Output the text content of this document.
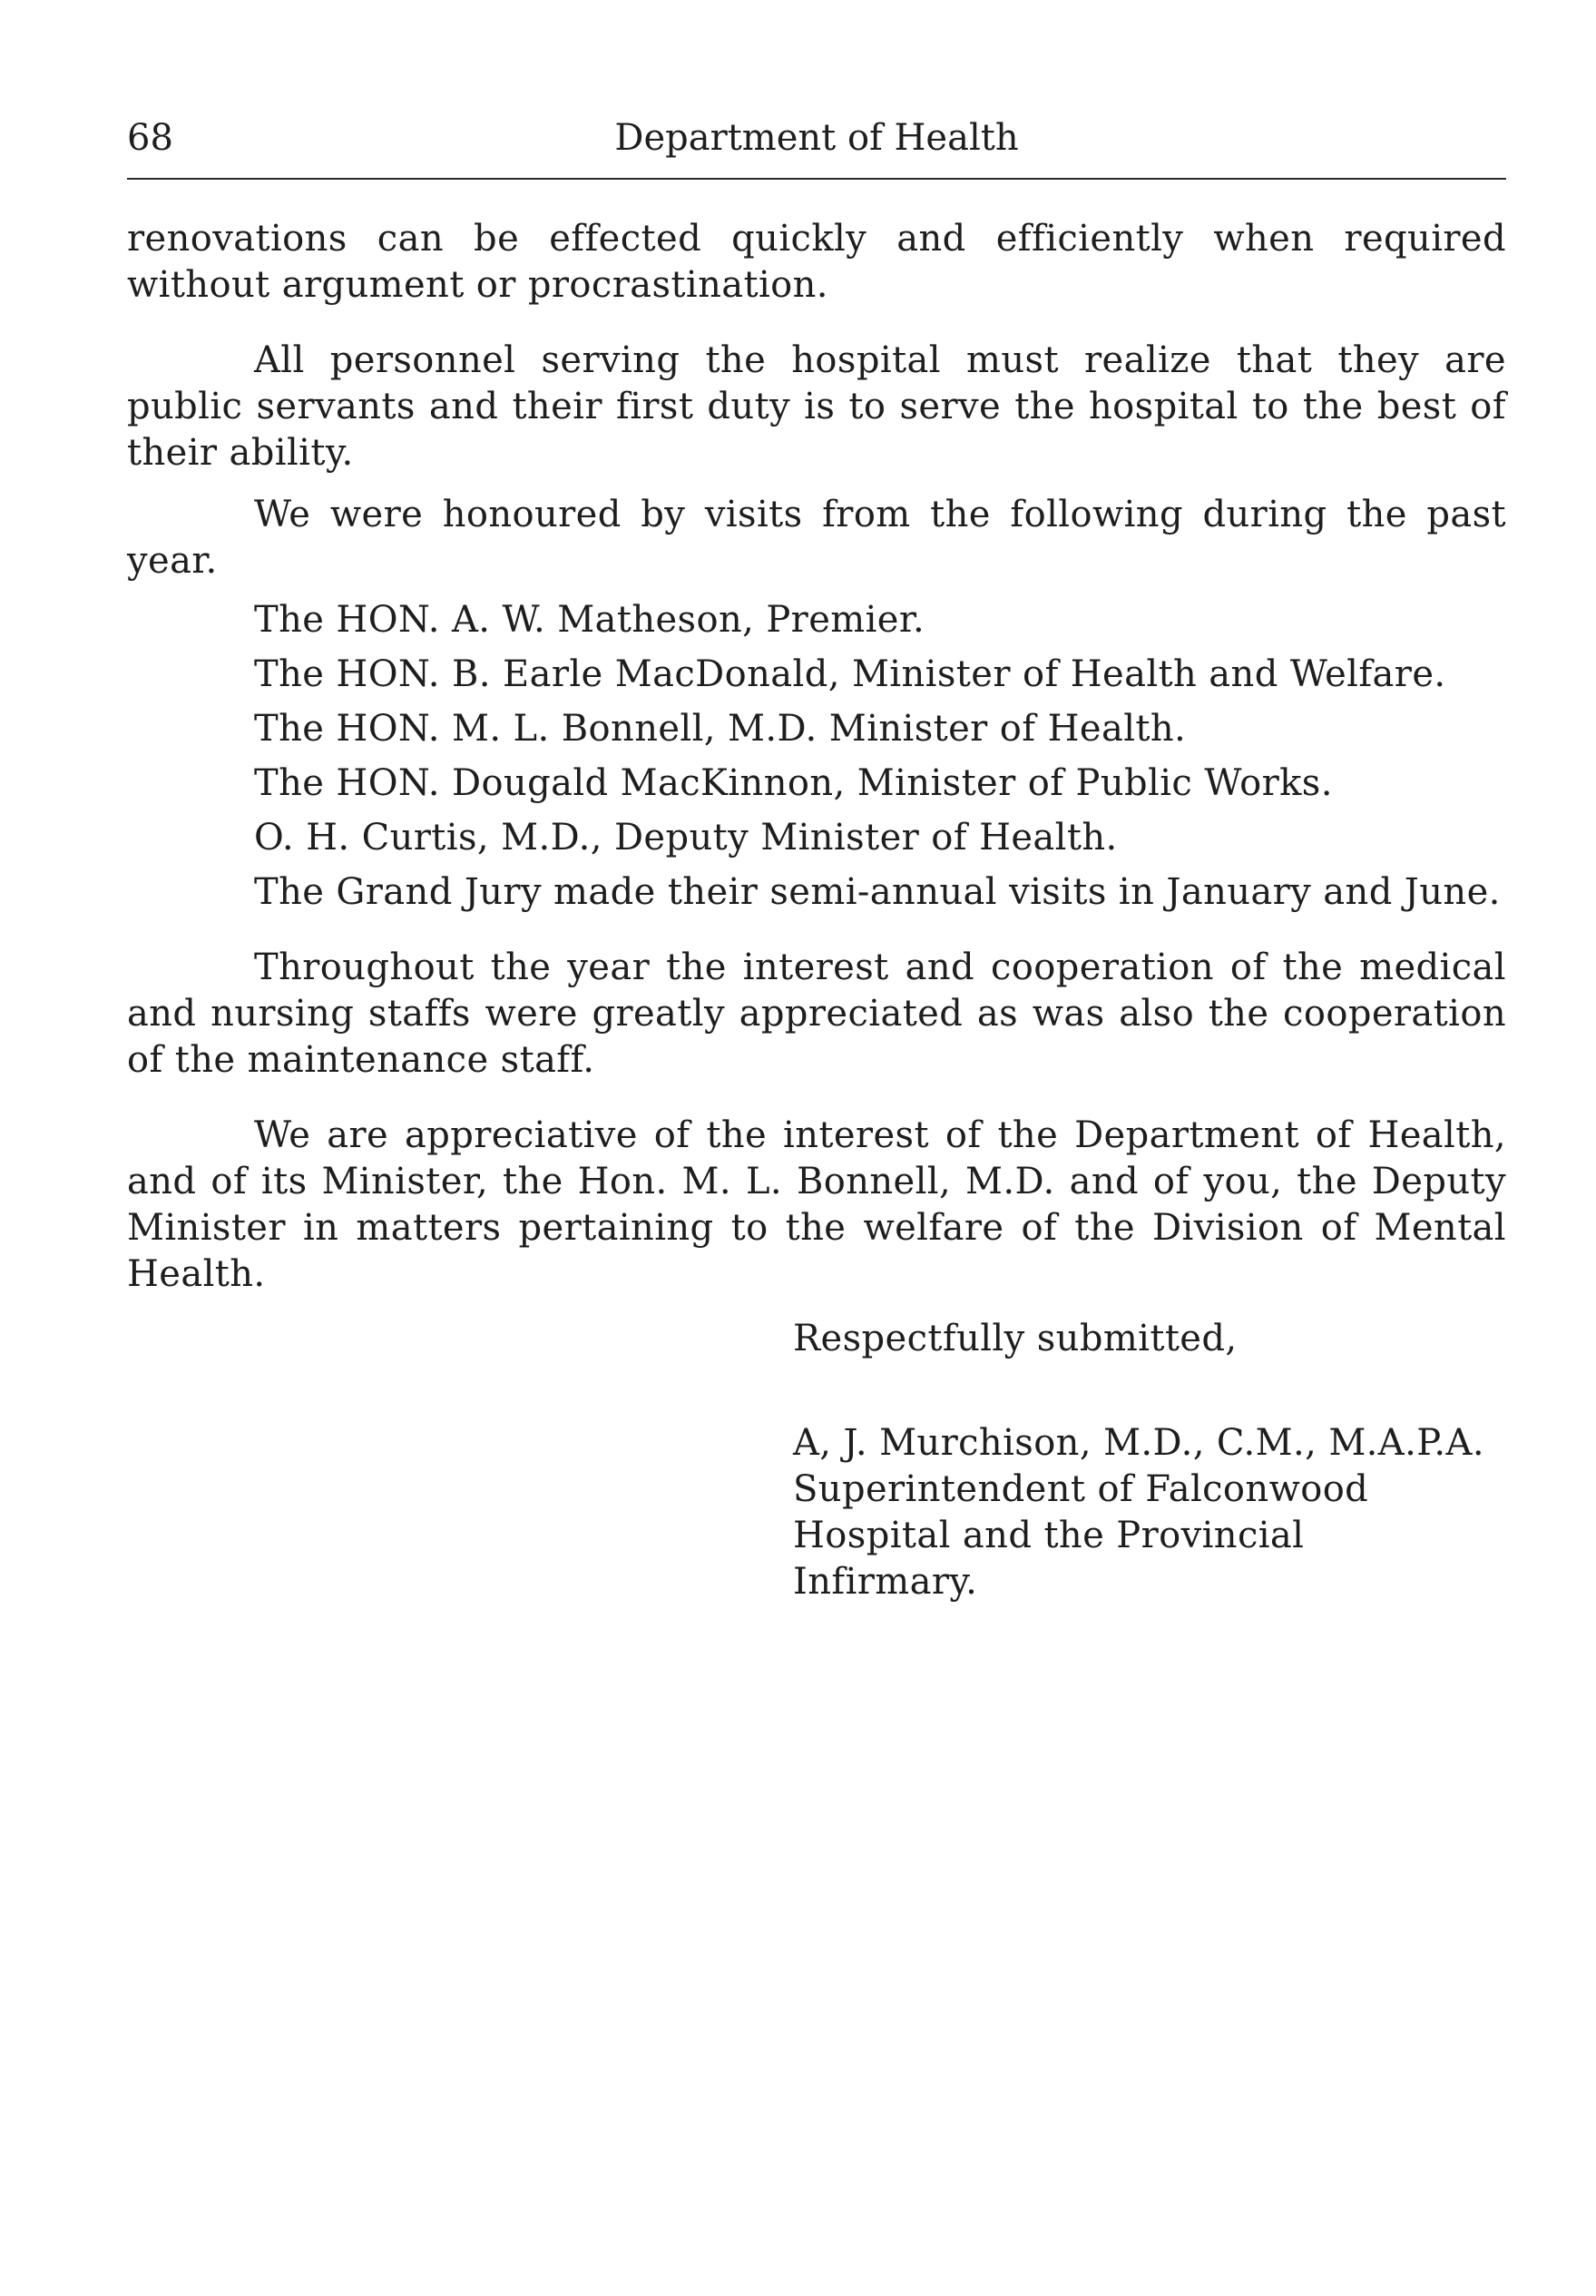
68	Department of Health

renovations can be effected quickly and efficiently when required without argument or procrastination.

All personnel serving the hospital must realize that they are public servants and their first duty is to serve the hospital to the best of their ability.

We were honoured by visits from the following during the past year.

The HON. A. W. Matheson, Premier.

The HON. B. Earle MacDonald, Minister of Health and Welfare.

The HON. M. L. Bonnell, M.D. Minister of Health.

The HON. Dougald MacKinnon, Minister of Public Works.

O. H. Curtis, M.D., Deputy Minister of Health.

The Grand Jury made their semi-annual visits in January and June.

Throughout the year the interest and cooperation of the medical and nursing staffs were greatly appreciated as was also the cooperation of the maintenance staff.

We are appreciative of the interest of the Department of Health, and of its Minister, the Hon. M. L. Bonnell, M.D. and of you, the Deputy Minister in matters pertaining to the welfare of the Division of Mental Health.

Respectfully submitted,
A, J. Murchison, M.D., C.M., M.A.P.A.
Superintendent of Falconwood
Hospital and the Provincial
Infirmary.
